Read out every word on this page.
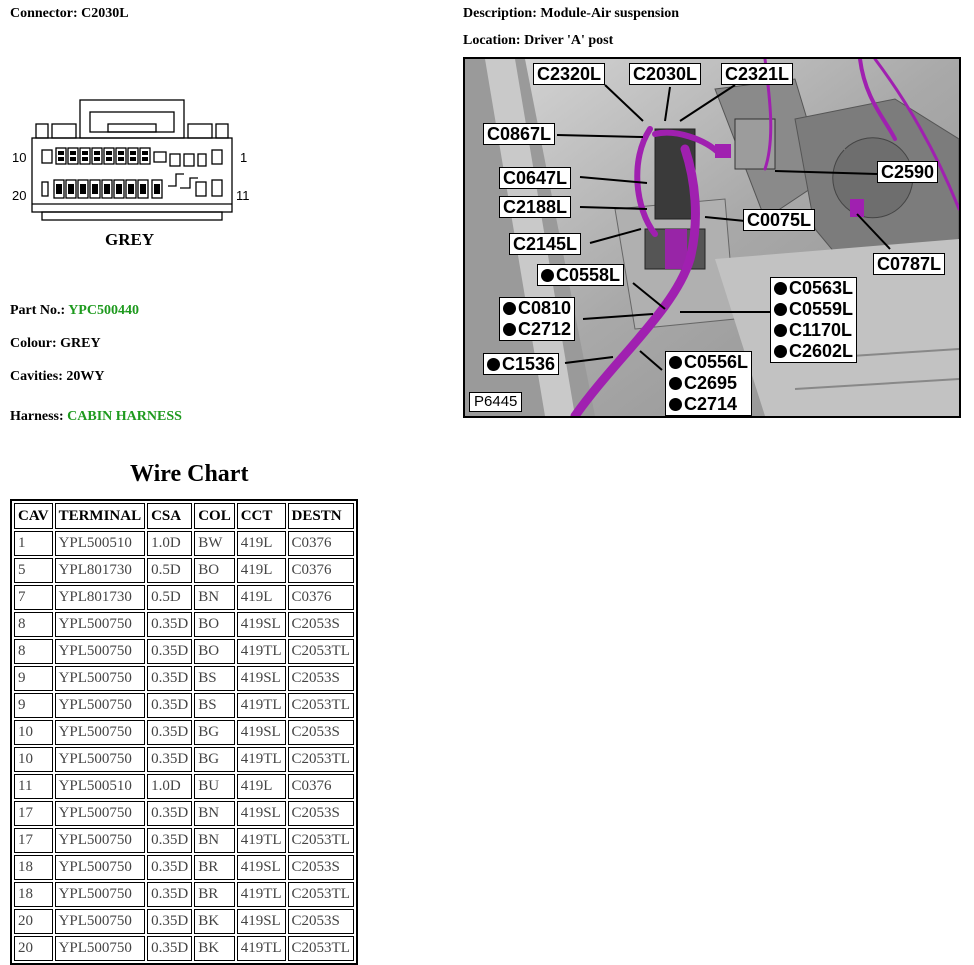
Connector: C2030L
10	1
20	11
GREY
Part No.: YPC500440
Colour: GREY
Cavities: 20WY
Harness: CABIN HARNESS
Description: Module-Air suspension
Location: Driver 'A' post
C2320L C2030L C2321L
C0867L
C2590
C0647L
C2188L
C0075L
C2145L
C0787L
C0558L
C0563L
C0559L
C1170L
C2602L
C0810
C2712
C1536	C0556L
C2695
C2714
P6445
Wire Chart
CAV	TERMINAL	CSA	COL	CCT	DESTN
1	YPL500510	1.0D	BW	419L	C0376
5	YPL801730	0.5D	BO	419L	C0376
7	YPL801730	0.5D	BN	419L	C0376
8	YPL500750	0.35D	BO	419SL	C2053S
8	YPL500750	0.35D	BO	419TL	C2053TL
9	YPL500750	0.35D	BS	419SL	C2053S
9	YPL500750	0.35D	BS	419TL	C2053TL
10	YPL500750	0.35D	BG	419SL	C2053S
10	YPL500750	0.35D	BG	419TL	C2053TL
11	YPL500510	1.0D	BU	419L	C0376
17	YPL500750	0.35D	BN	419SL	C2053S
17	YPL500750	0.35D	BN	419TL	C2053TL
18	YPL500750	0.35D	BR	419SL	C2053S
18	YPL500750	0.35D	BR	419TL	C2053TL
20	YPL500750	0.35D	BK	419SL	C2053S
20	YPL500750	0.35D	BK	419TL	C2053TL
